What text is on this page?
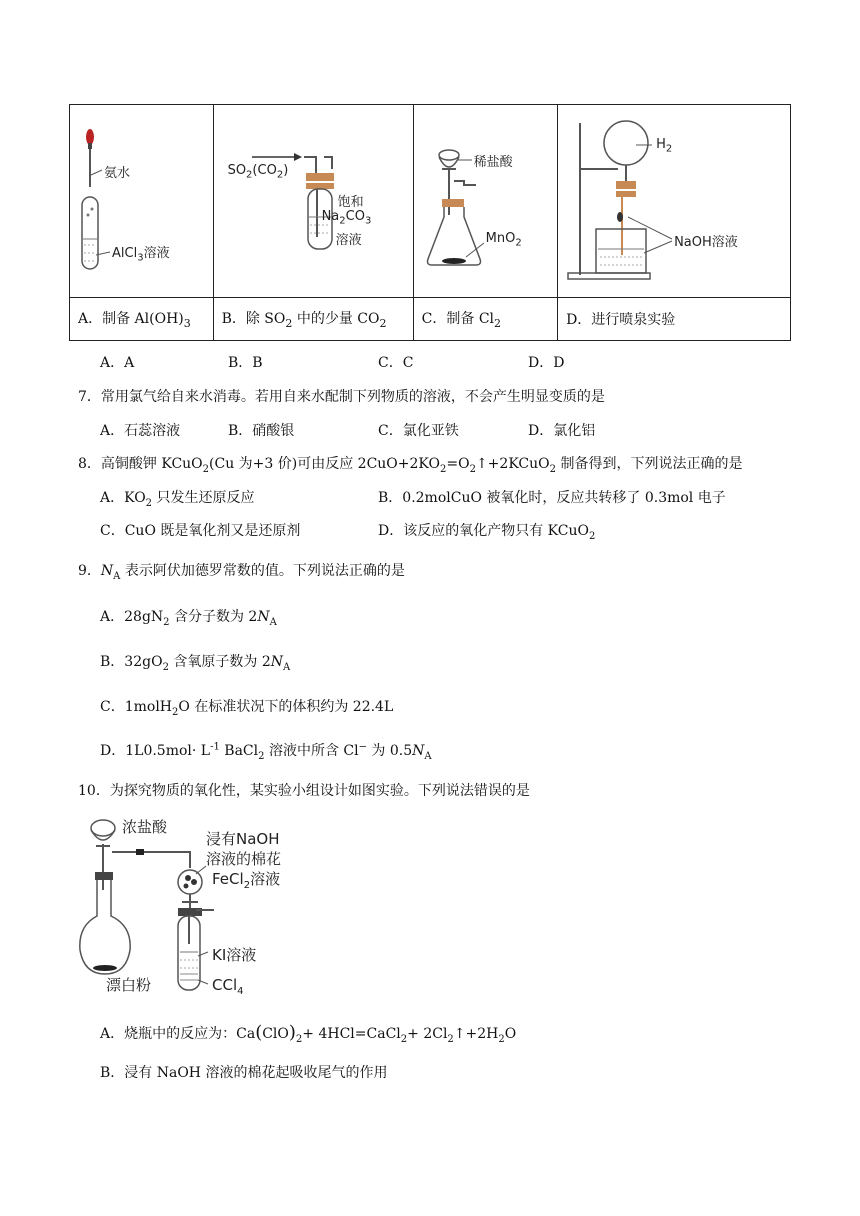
氨水
AlCl$_3$溶液	$SO_2(CO_2)$
饱和
$Na_2CO_3$
溶液	稀盐酸
MnO$_2$	$H_2$
NaOH溶液

A．制备 $Al(OH)_3$	B．除 $SO_2$ 中的少量 $CO_2$	C．制备 $Cl_2$	D．进行喷泉实验
A．A	B．B	C．C	D．D
7．常用氯气给自来水消毒。若用自来水配制下列物质的溶液，不会产生明显变质的是
A．石蕊溶液	B．硝酸银	C．氯化亚铁	D．氯化铝
8．高铜酸钾 KCuO$_2$(Cu 为+3 价)可由反应 $2CuO+2KO_2=O_2↑+2KCuO_2$ 制备得到，下列说法正确的是
A．$KO_2$ 只发生还原反应	B．0.2molCuO 被氧化时，反应共转移了 0.3mol 电子
C．CuO 既是氧化剂又是还原剂	D．该反应的氧化产物只有 KCuO$_2$
9．$N_A$ 表示阿伏加德罗常数的值。下列说法正确的是
A．$28gN_2$ 含分子数为 $2N_A$
B．$32gO_2$ 含氧原子数为 $2N_A$
C．1molH$_2$O 在标准状况下的体积约为 22.4L
D．$1L0.5mol\cdot L^{-1}$ BaCl$_2$ 溶液中所含 Cl− 为 $0.5N_A$
10．为探究物质的氧化性，某实验小组设计如图实验。下列说法错误的是
浓盐酸
浸有NaOH
溶液的棉花
FeCl$_2$溶液
KI溶液
漂白粉	CCl$_4$
A．烧瓶中的反应为：$Ca(ClO)_2+$ 4HCl=CaCl$_2$+ $2Cl_2↑+2H_2O$
B．浸有 NaOH 溶液的棉花起吸收尾气的作用
